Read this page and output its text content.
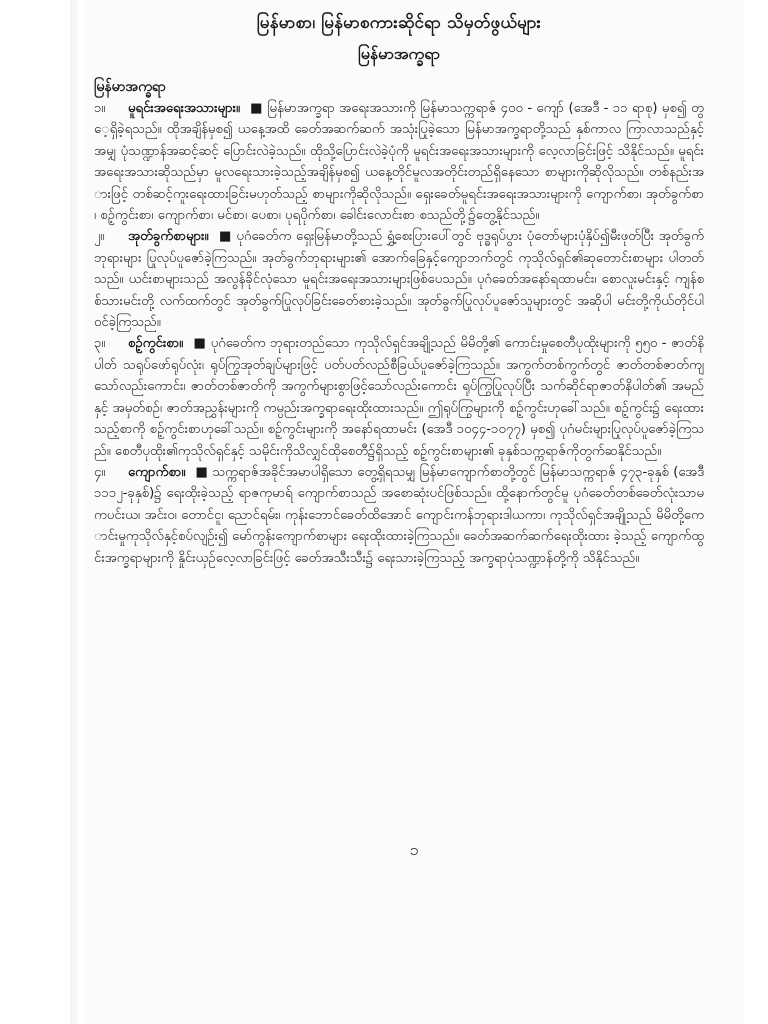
မြန်မာစာ၊ မြန်မာစကားဆိုင်ရာ သိမှတ်ဖွယ်များ
မြန်မာအက္ခရာ
မြန်မာအက္ခရာ
၁။ မူရင်းအရေးအသားများ။ ■ မြန်မာအက္ခရာ အရေးအသားကို မြန်မာသက္ကရာဇ် ၄၀၀ - ကျော် (အေဒီ - ၁၁ ရာစု) မှစ၍ တွေ့ရှိခဲ့ရသည်။ ထိုအချိန်မှစ၍ ယနေ့အထိ ခေတ်အဆက်ဆက် အသုံးပြုခဲ့သော မြန်မာအက္ခရာတို့သည် နှစ်ကာလ ကြာလာသည်နှင့်အမျှ ပုံသဏ္ဍာန်အဆင့်ဆင့် ပြောင်းလဲခဲ့သည်။ ထိုသို့ပြောင်းလဲခဲ့ပုံကို မူရင်းအရေးအသားများကို လေ့လာခြင်းဖြင့် သိနိုင်သည်။ မူရင်းအရေးအသားဆိုသည်မှာ မူလရေးသားခဲ့သည့်အချိန်မှစ၍ ယနေ့တိုင်မူလအတိုင်းတည်ရှိနေသော စာများကိုဆိုလိုသည်။ တစ်နည်းအားဖြင့် တစ်ဆင့်ကူးရေးထားခြင်းမဟုတ်သည့် စာများကိုဆိုလိုသည်။ ရှေးခေတ်မူရင်းအရေးအသားများကို ကျောက်စာ၊ အုတ်ခွက်စာ၊ စဉ့်ကွင်းစာ၊ ကျောက်စာ၊ မင်စာ၊ ပေစာ၊ ပုရပိုက်စာ၊ ခေါင်းလောင်းစာ စသည်တို့၌တွေ့နိုင်သည်။
၂။ အုတ်ခွက်စာများ။ ■ ပုဂံခေတ်က ရှေးမြန်မာတို့သည် ရွှံ့စေးပြားပေါ်တွင် ဗုဒ္ဓရုပ်ပွား ပုံတော်များပုံနှိပ်၍မီးဖုတ်ပြီး အုတ်ခွက်ဘုရားများ ပြုလုပ်ပူဇော်ခဲ့ကြသည်။ အုတ်ခွက်ဘုရားများ၏ အောက်ခြေနှင့်ကျောဘက်တွင် ကုသိုလ်ရှင်၏ဆုတောင်းစာများ ပါတတ်သည်။ ယင်းစာများသည် အလွန်ခိုင်လုံသော မူရင်းအရေးအသားများဖြစ်ပေသည်။ ပုဂံခေတ်အနော်ရထာမင်း၊ စောလူးမင်းနှင့် ကျန်စစ်သားမင်းတို့ လက်ထက်တွင် အုတ်ခွက်ပြုလုပ်ခြင်းခေတ်စားခဲ့သည်။ အုတ်ခွက်ပြုလုပ်ပူဇော်သူများတွင် အဆိုပါ မင်းတို့ကိုယ်တိုင်ပါဝင်ခဲ့ကြသည်။
၃။ စဉ့်ကွင်းစာ။ ■ ပုဂံခေတ်က ဘုရားတည်သော ကုသိုလ်ရှင်အချို့သည် မိမိတို့၏ ကောင်းမှုစေတီပုထိုးများကို ၅၅၀ - ဇာတ်နိပါတ် သရုပ်ဖော်ရုပ်လုံး၊ ရုပ်ကြွအုတ်ချပ်များဖြင့် ပတ်ပတ်လည်စီခြယ်ပူဇော်ခဲ့ကြသည်။ အကွက်တစ်ကွက်တွင် ဇာတ်တစ်ဇာတ်ကျသော်လည်းကောင်း၊ ဇာတ်တစ်ဇာတ်ကို အကွက်များစွာဖြင့်သော်လည်းကောင်း ရုပ်ကြွပြုလုပ်ပြီး သက်ဆိုင်ရာဇာတ်နိပါတ်၏ အမည်နှင့် အမှတ်စဉ်၊ ဇာတ်အညွှန်းများကို ကမ္ပည်းအက္ခရာရေးထိုးထားသည်။ ဤရုပ်ကြွများကို စဉ့်ကွင်းဟုခေါ်သည်။ စဉ့်ကွင်း၌ ရေးထားသည့်စာကို စဉ့်ကွင်းစာဟုခေါ်သည်။ စဉ့်ကွင်းများကို အနော်ရထာမင်း (အေဒီ ၁၀၄၄-၁၀၇၇) မှစ၍ ပုဂံမင်းများပြုလုပ်ပူဇော်ခဲ့ကြသည်။ စေတီပုထိုး၏ကုသိုလ်ရှင်နှင့် သမိုင်းကိုသိလျှင်ထိုစေတီ၌ရှိသည့် စဉ့်ကွင်းစာများ၏ ခုနှစ်သက္ကရာဇ်ကိုတွက်ဆနိုင်သည်။
၄။ ကျောက်စာ။ ■ သက္ကရာဇ်အခိုင်အမာပါရှိသော တွေ့ရှိရသမျှ မြန်မာကျောက်စာတို့တွင် မြန်မာသက္ကရာဇ် ၄၇၃-ခုနှစ် (အေဒီ ၁၁၁၂-ခုနှစ်)၌ ရေးထိုးခဲ့သည့် ရာဇကုမာရ် ကျောက်စာသည် အစောဆုံးပင်ဖြစ်သည်။ ထို့နောက်တွင်မူ ပုဂံခေတ်တစ်ခေတ်လုံးသာမကပင်းယ၊ အင်းဝ၊ တောင်ငူ၊ ညောင်ရမ်း၊ ကုန်းဘောင်ခေတ်ထိအောင် ကျောင်းကန်ဘုရားဒါယကာ၊ ကုသိုလ်ရှင်အချို့သည် မိမိတို့ကောင်းမှုကုသိုလ်နှင့်စပ်လျဉ်း၍ မော်ကွန်းကျောက်စာများ ရေးထိုးထားခဲ့ကြသည်။ ခေတ်အဆက်ဆက်ရေးထိုးထား ခဲ့သည့် ကျောက်ထွင်းအက္ခရာများကို နှိုင်းယှဉ်လေ့လာခြင်းဖြင့် ခေတ်အသီးသီး၌ ရေးသားခဲ့ကြသည့် အက္ခရာပုံသဏ္ဍာန်တို့ကို သိနိုင်သည်။
၁
